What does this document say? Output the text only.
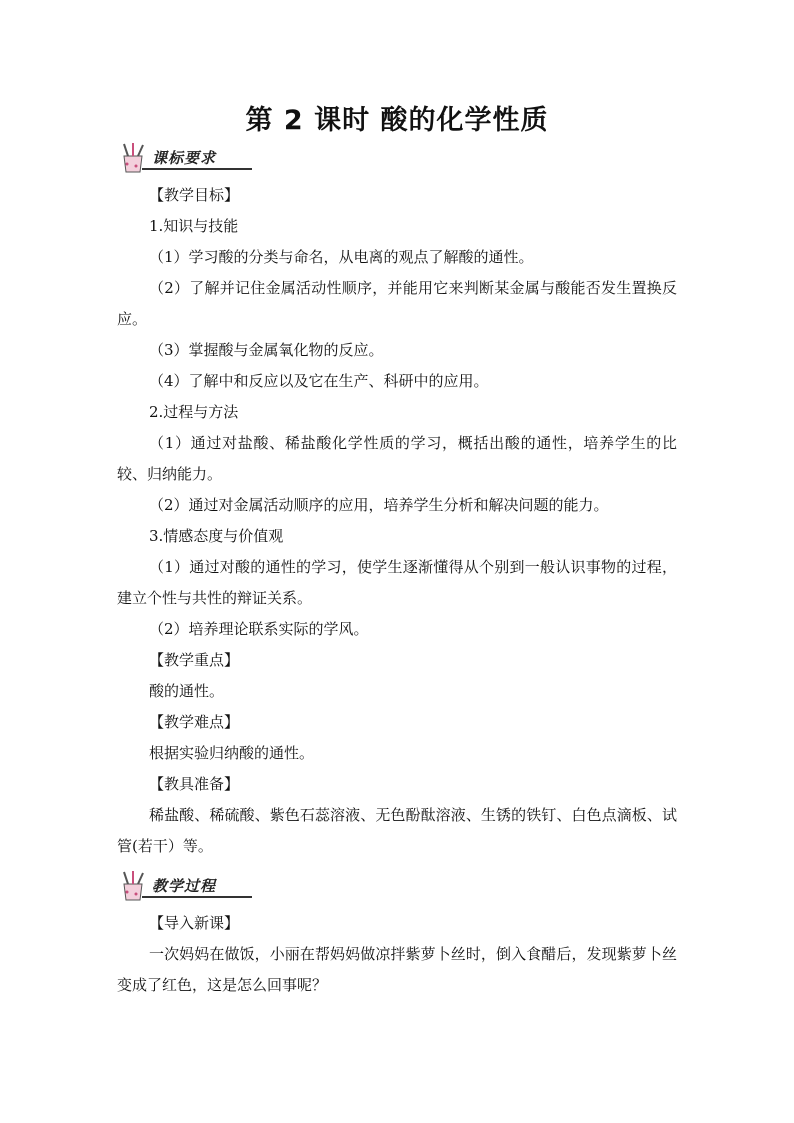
第 2 课时 酸的化学性质
课标要求

【教学目标】

1.知识与技能

（1）学习酸的分类与命名，从电离的观点了解酸的通性。

（2）了解并记住金属活动性顺序，并能用它来判断某金属与酸能否发生置换反应。

（3）掌握酸与金属氧化物的反应。

（4）了解中和反应以及它在生产、科研中的应用。

2.过程与方法

（1）通过对盐酸、稀盐酸化学性质的学习，概括出酸的通性，培养学生的比较、归纳能力。

（2）通过对金属活动顺序的应用，培养学生分析和解决问题的能力。

3.情感态度与价值观

（1）通过对酸的通性的学习，使学生逐渐懂得从个别到一般认识事物的过程，建立个性与共性的辩证关系。

（2）培养理论联系实际的学风。

【教学重点】

酸的通性。

【教学难点】

根据实验归纳酸的通性。

【教具准备】

稀盐酸、稀硫酸、紫色石蕊溶液、无色酚酞溶液、生锈的铁钉、白色点滴板、试管(若干）等。

教学过程

【导入新课】

一次妈妈在做饭，小丽在帮妈妈做凉拌紫萝卜丝时，倒入食醋后，发现紫萝卜丝变成了红色，这是怎么回事呢？
